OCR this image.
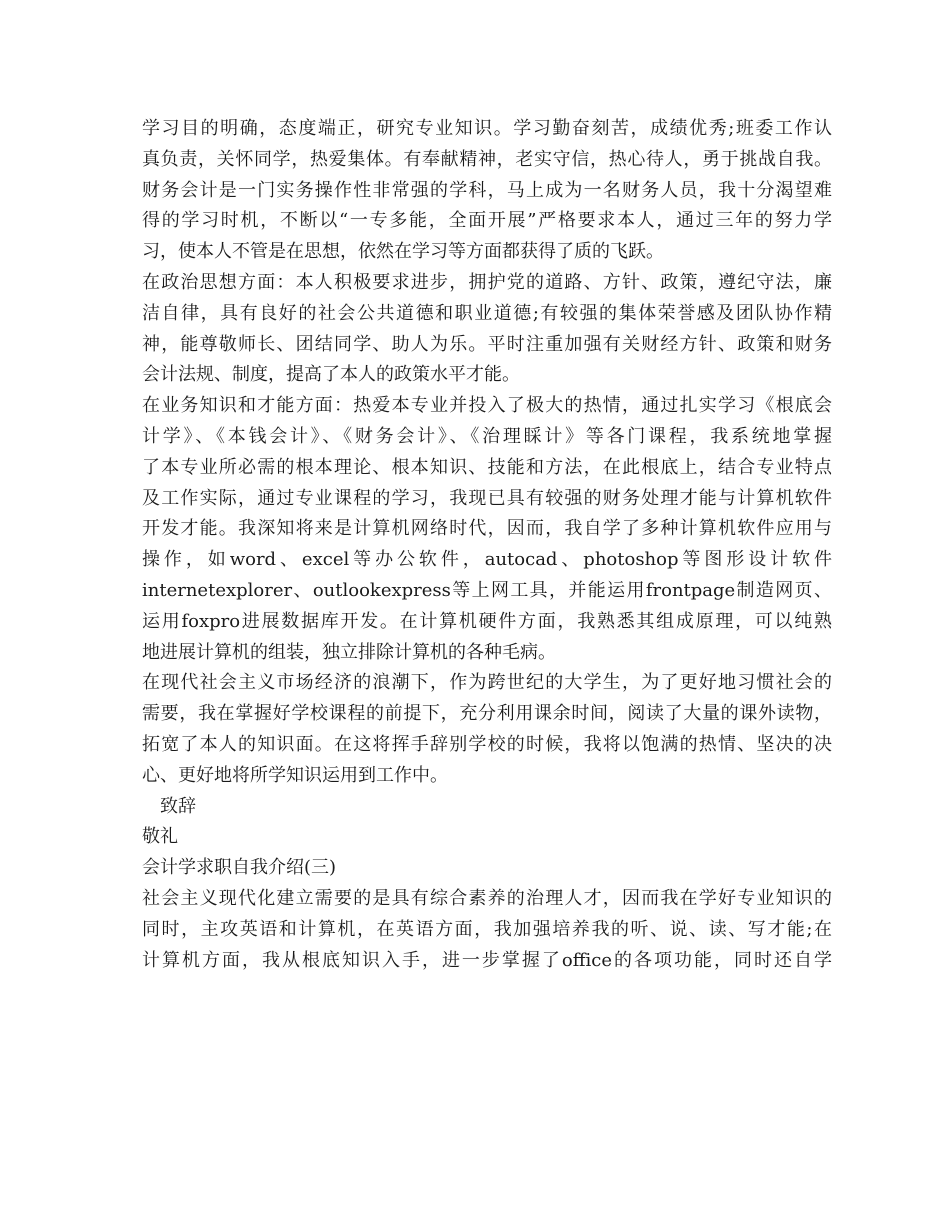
学习目的明确，态度端正，研究专业知识。学习勤奋刻苦，成绩优秀;班委工作认
真负责，关怀同学，热爱集体。有奉献精神，老实守信，热心待人，勇于挑战自我。
财务会计是一门实务操作性非常强的学科，马上成为一名财务人员，我十分渴望难
得的学习时机，不断以“一专多能，全面开展”严格要求本人，通过三年的努力学
习，使本人不管是在思想，依然在学习等方面都获得了质的飞跃。
在政治思想方面：本人积极要求进步，拥护党的道路、方针、政策，遵纪守法，廉
洁自律，具有良好的社会公共道德和职业道德;有较强的集体荣誉感及团队协作精
神，能尊敬师长、团结同学、助人为乐。平时注重加强有关财经方针、政策和财务
会计法规、制度，提高了本人的政策水平才能。
在业务知识和才能方面：热爱本专业并投入了极大的热情，通过扎实学习《根底会
计学》、《本钱会计》、《财务会计》、《治理睬计》等各门课程，我系统地掌握
了本专业所必需的根本理论、根本知识、技能和方法，在此根底上，结合专业特点
及工作实际，通过专业课程的学习，我现已具有较强的财务处理才能与计算机软件
开发才能。我深知将来是计算机网络时代，因而，我自学了多种计算机软件应用与
操作，如word、excel等办公软件，autocad、photoshop等图形设计软件
internetexplorer、outlookexpress等上网工具，并能运用frontpage制造网页、
运用foxpro进展数据库开发。在计算机硬件方面，我熟悉其组成原理，可以纯熟
地进展计算机的组装，独立排除计算机的各种毛病。
在现代社会主义市场经济的浪潮下，作为跨世纪的大学生，为了更好地习惯社会的
需要，我在掌握好学校课程的前提下，充分利用课余时间，阅读了大量的课外读物，
拓宽了本人的知识面。在这将挥手辞别学校的时候，我将以饱满的热情、坚决的决
心、更好地将所学知识运用到工作中。
致辞
敬礼
会计学求职自我介绍(三)
社会主义现代化建立需要的是具有综合素养的治理人才，因而我在学好专业知识的
同时，主攻英语和计算机，在英语方面，我加强培养我的听、说、读、写才能;在
计算机方面，我从根底知识入手，进一步掌握了office的各项功能，同时还自学
